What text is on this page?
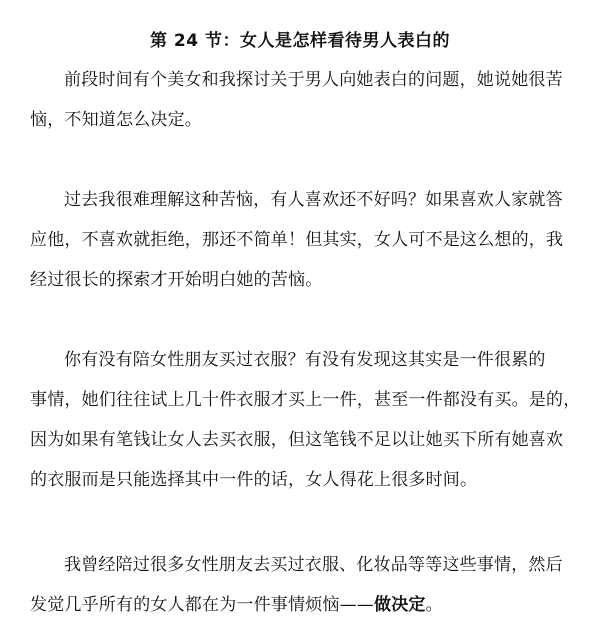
第 24 节：女人是怎样看待男人表白的
前段时间有个美女和我探讨关于男人向她表白的问题，她说她很苦
恼，不知道怎么决定。
过去我很难理解这种苦恼，有人喜欢还不好吗？如果喜欢人家就答
应他，不喜欢就拒绝，那还不简单！但其实，女人可不是这么想的，我
经过很长的探索才开始明白她的苦恼。
你有没有陪女性朋友买过衣服？有没有发现这其实是一件很累的
事情，她们往往试上几十件衣服才买上一件，甚至一件都没有买。是的，
因为如果有笔钱让女人去买衣服，但这笔钱不足以让她买下所有她喜欢
的衣服而是只能选择其中一件的话，女人得花上很多时间。
我曾经陪过很多女性朋友去买过衣服、化妆品等等这些事情，然后
发觉几乎所有的女人都在为一件事情烦恼——做决定。
